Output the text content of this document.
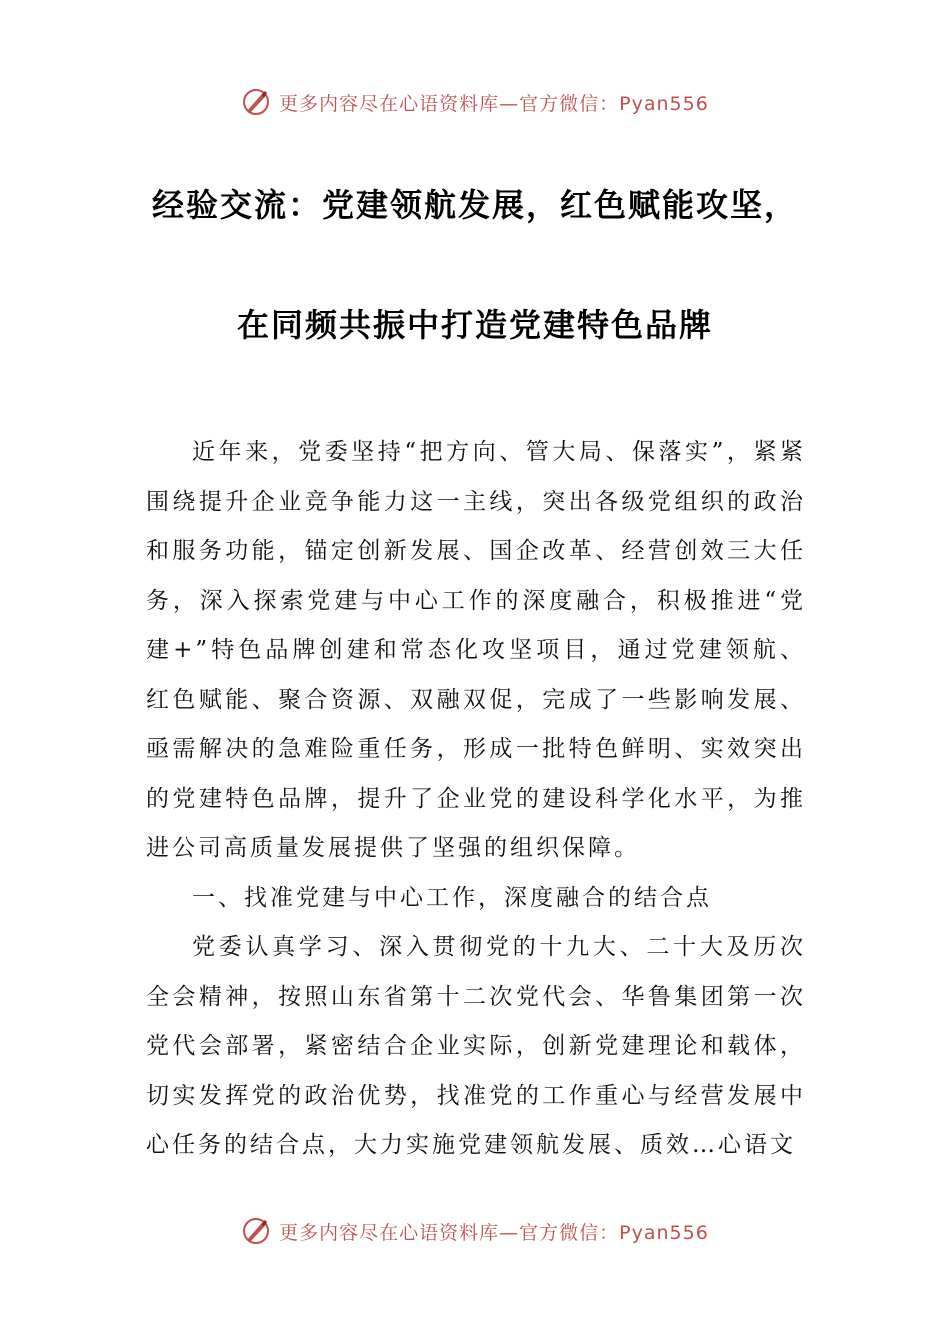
更多内容尽在心语资料库—官方微信：Pyan556
经验交流：党建领航发展，红色赋能攻坚，
在同频共振中打造党建特色品牌

近年来，党委坚持“把方向、管大局、保落实”，紧紧围绕提升企业竞争能力这一主线，突出各级党组织的政治和服务功能，锚定创新发展、国企改革、经营创效三大任务，深入探索党建与中心工作的深度融合，积极推进“党建+”特色品牌创建和常态化攻坚项目，通过党建领航、红色赋能、聚合资源、双融双促，完成了一些影响发展、亟需解决的急难险重任务，形成一批特色鲜明、实效突出的党建特色品牌，提升了企业党的建设科学化水平，为推进公司高质量发展提供了坚强的组织保障。

一、找准党建与中心工作，深度融合的结合点

党委认真学习、深入贯彻党的十九大、二十大及历次全会精神，按照山东省第十二次党代会、华鲁集团第一次党代会部署，紧密结合企业实际，创新党建理论和载体，切实发挥党的政治优势，找准党的工作重心与经营发展中心任务的结合点，大力实施党建领航发展、质效…心语文

更多内容尽在心语资料库—官方微信：Pyan556
